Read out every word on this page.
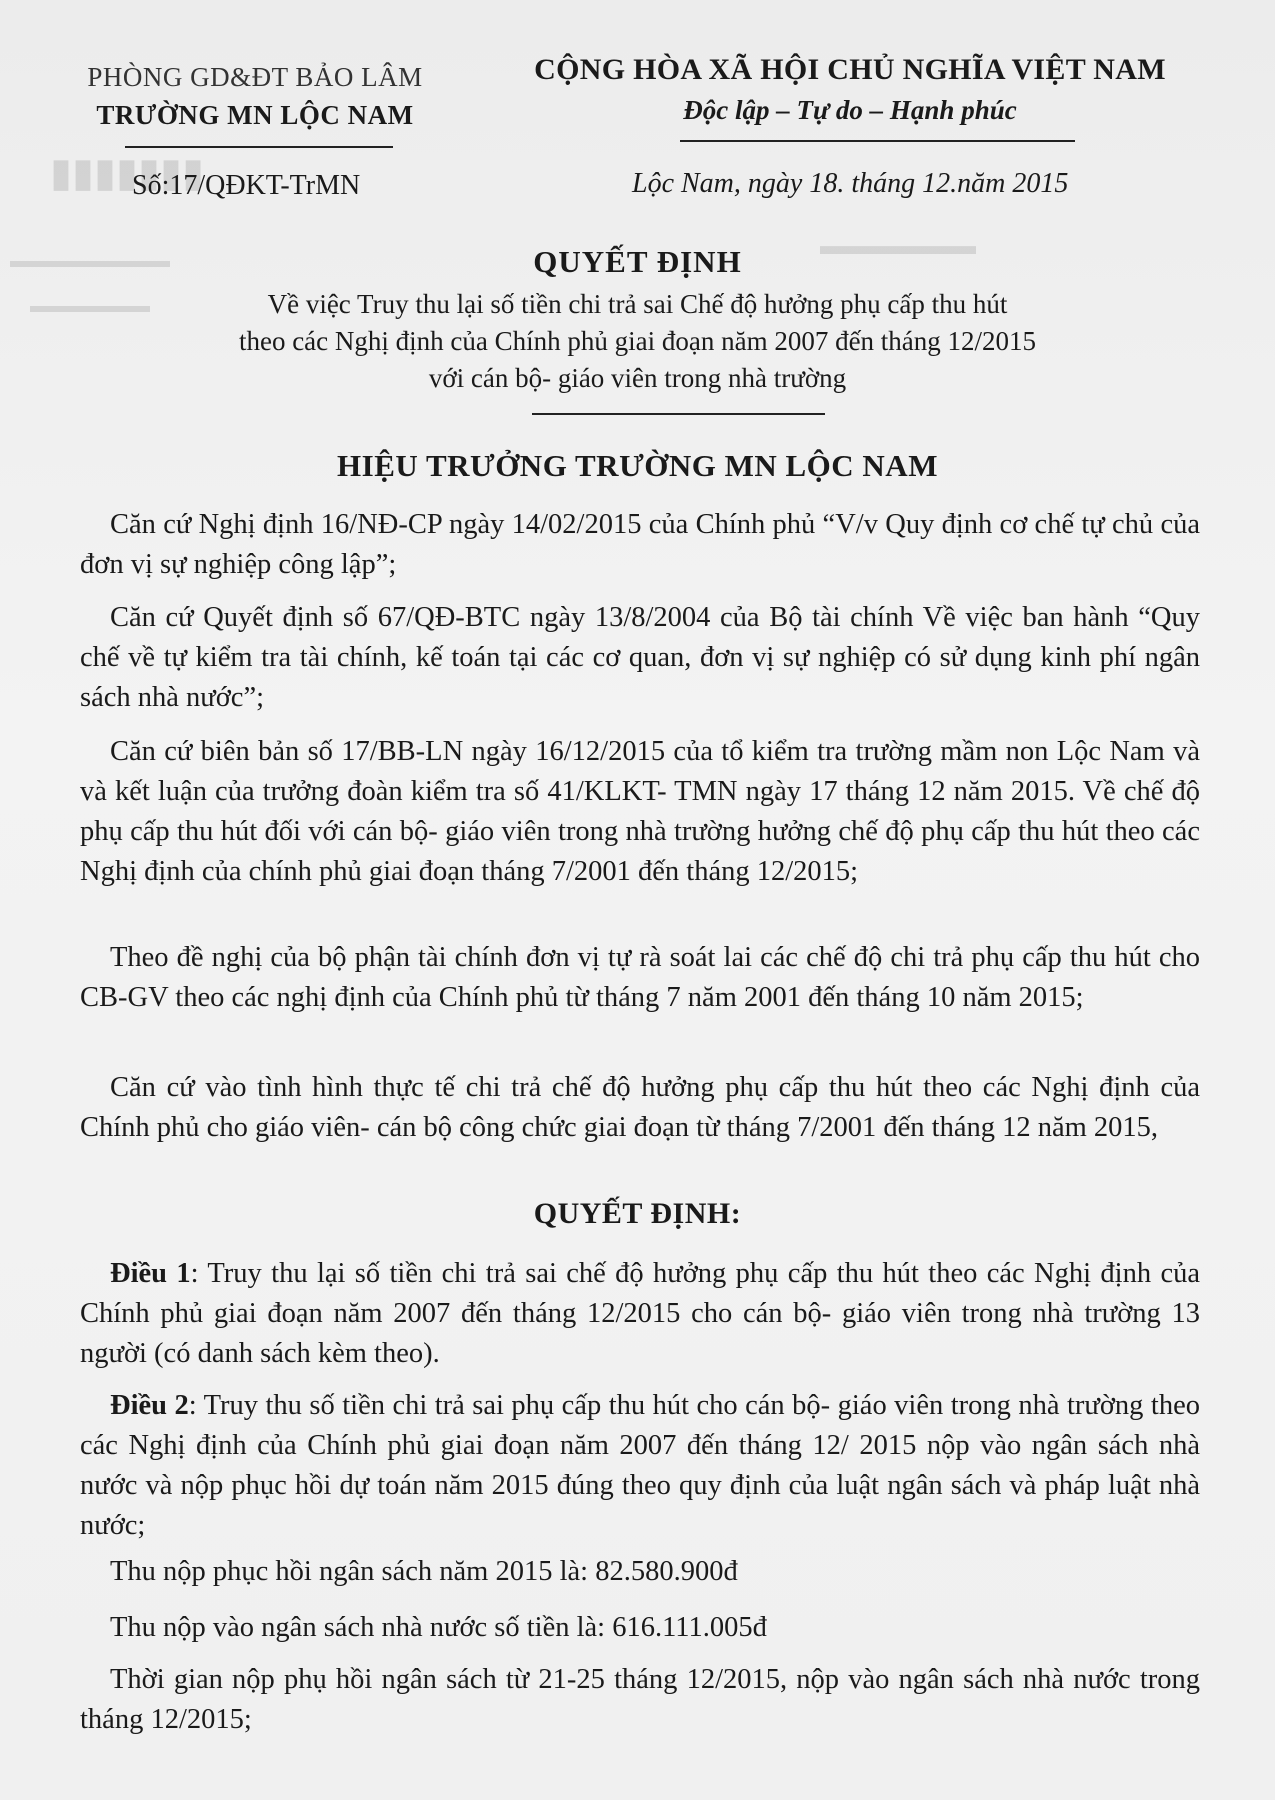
▮▮▮▮▮▮▮
▬▬▬▬▬▬▬▬
▬▬▬▬▬▬
▬▬▬▬▬▬
PHÒNG GD&ĐT BẢO LÂM
TRƯỜNG MN LỘC NAM
CỘNG HÒA XÃ HỘI CHỦ NGHĨA VIỆT NAM
Độc lập – Tự do – Hạnh phúc
Số:17/QĐKT-TrMN	Lộc Nam, ngày 18. tháng 12.năm 2015
QUYẾT ĐỊNH
Về việc Truy thu lại số tiền chi trả sai Chế độ hưởng phụ cấp thu hút
theo các Nghị định của Chính phủ giai đoạn năm 2007 đến tháng 12/2015
với cán bộ- giáo viên trong nhà trường
HIỆU TRƯỞNG TRƯỜNG MN LỘC NAM
Căn cứ Nghị định 16/NĐ-CP ngày 14/02/2015 của Chính phủ “V/v Quy định cơ chế tự chủ của đơn vị sự nghiệp công lập”;
Căn cứ Quyết định số 67/QĐ-BTC ngày 13/8/2004 của Bộ tài chính Về việc ban hành “Quy chế về tự kiểm tra tài chính, kế toán tại các cơ quan, đơn vị sự nghiệp có sử dụng kinh phí ngân sách nhà nước”;
Căn cứ biên bản số 17/BB-LN ngày 16/12/2015 của tổ kiểm tra trường mầm non Lộc Nam và và kết luận của trưởng đoàn kiểm tra số 41/KLKT- TMN ngày 17 tháng 12 năm 2015. Về chế độ phụ cấp thu hút đối với cán bộ- giáo viên trong nhà trường hưởng chế độ phụ cấp thu hút theo các Nghị định của chính phủ giai đoạn tháng 7/2001 đến tháng 12/2015;
Theo đề nghị của bộ phận tài chính đơn vị tự rà soát lai các chế độ chi trả phụ cấp thu hút cho CB-GV theo các nghị định của Chính phủ từ tháng 7 năm 2001 đến tháng 10 năm 2015;
Căn cứ vào tình hình thực tế chi trả chế độ hưởng phụ cấp thu hút theo các Nghị định của Chính phủ cho giáo viên- cán bộ công chức giai đoạn từ tháng 7/2001 đến tháng 12 năm 2015,
QUYẾT ĐỊNH:
Điều 1: Truy thu lại số tiền chi trả sai chế độ hưởng phụ cấp thu hút theo các Nghị định của Chính phủ giai đoạn năm 2007 đến tháng 12/2015 cho cán bộ- giáo viên trong nhà trường 13 người (có danh sách kèm theo).
Điều 2: Truy thu số tiền chi trả sai phụ cấp thu hút cho cán bộ- giáo viên trong nhà trường theo các Nghị định của Chính phủ giai đoạn năm 2007 đến tháng 12/ 2015 nộp vào ngân sách nhà nước và nộp phục hồi dự toán năm 2015 đúng theo quy định của luật ngân sách và pháp luật nhà nước;
Thu nộp phục hồi ngân sách năm 2015 là: 82.580.900đ
Thu nộp vào ngân sách nhà nước số tiền là: 616.111.005đ
Thời gian nộp phụ hồi ngân sách từ 21-25 tháng 12/2015, nộp vào ngân sách nhà nước trong tháng 12/2015;
